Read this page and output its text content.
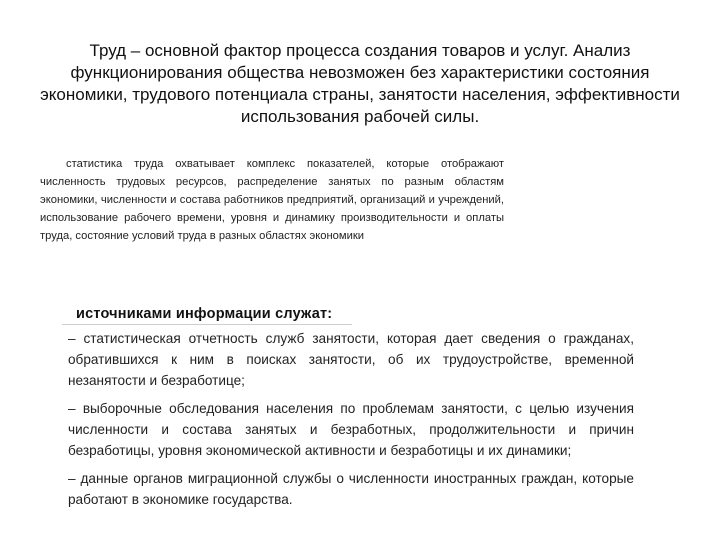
Труд – основной фактор процесса создания товаров и услуг. Анализ функционирования общества невозможен без характеристики состояния экономики, трудового потенциала страны, занятости населения, эффективности использования рабочей силы.
статистика труда охватывает комплекс показателей, которые отображают численность трудовых ресурсов, распределение занятых по разным областям экономики, численности и состава работников предприятий, организаций и учреждений, использование рабочего времени, уровня и динамику производительности и оплаты труда, состояние условий труда в разных областях экономики
источниками информации служат:
– статистическая отчетность служб занятости, которая дает сведения о гражданах, обратившихся к ним в поисках занятости, об их трудоустройстве, временной незанятости и безработице;
– выборочные обследования населения по проблемам занятости, с целью изучения численности и состава занятых и безработных, продолжительности и причин безработицы, уровня экономической активности и безработицы и их динамики;
– данные органов миграционной службы о численности иностранных граждан, которые работают в экономике государства.
